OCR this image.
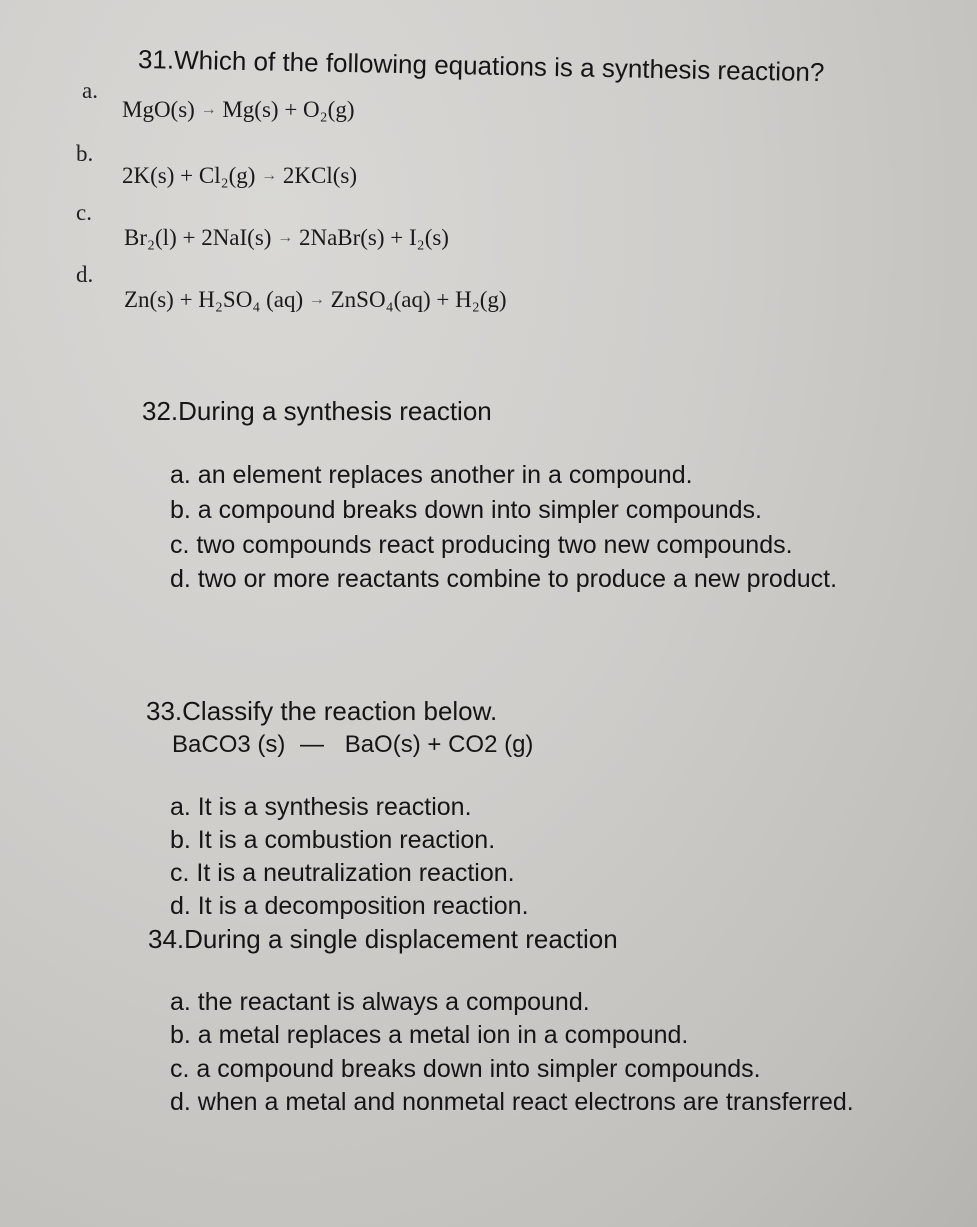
31.Which of the following equations is a synthesis reaction?
a.
MgO(s) → Mg(s) + O₂(g)
b.
2K(s) + Cl₂(g) → 2KCl(s)
c.
Br₂(l) + 2NaI(s) → 2NaBr(s) + I₂(s)
d.
Zn(s) + H₂SO₄ (aq) → ZnSO₄(aq) + H₂(g)
32.During a synthesis reaction
a. an element replaces another in a compound.
b. a compound breaks down into simpler compounds.
c. two compounds react producing two new compounds.
d. two or more reactants combine to produce a new product.
33.Classify the reaction below.
BaCO3 (s) — BaO(s) + CO2 (g)
a. It is a synthesis reaction.
b. It is a combustion reaction.
c. It is a neutralization reaction.
d. It is a decomposition reaction.
34.During a single displacement reaction
a. the reactant is always a compound.
b. a metal replaces a metal ion in a compound.
c. a compound breaks down into simpler compounds.
d. when a metal and nonmetal react electrons are transferred.
